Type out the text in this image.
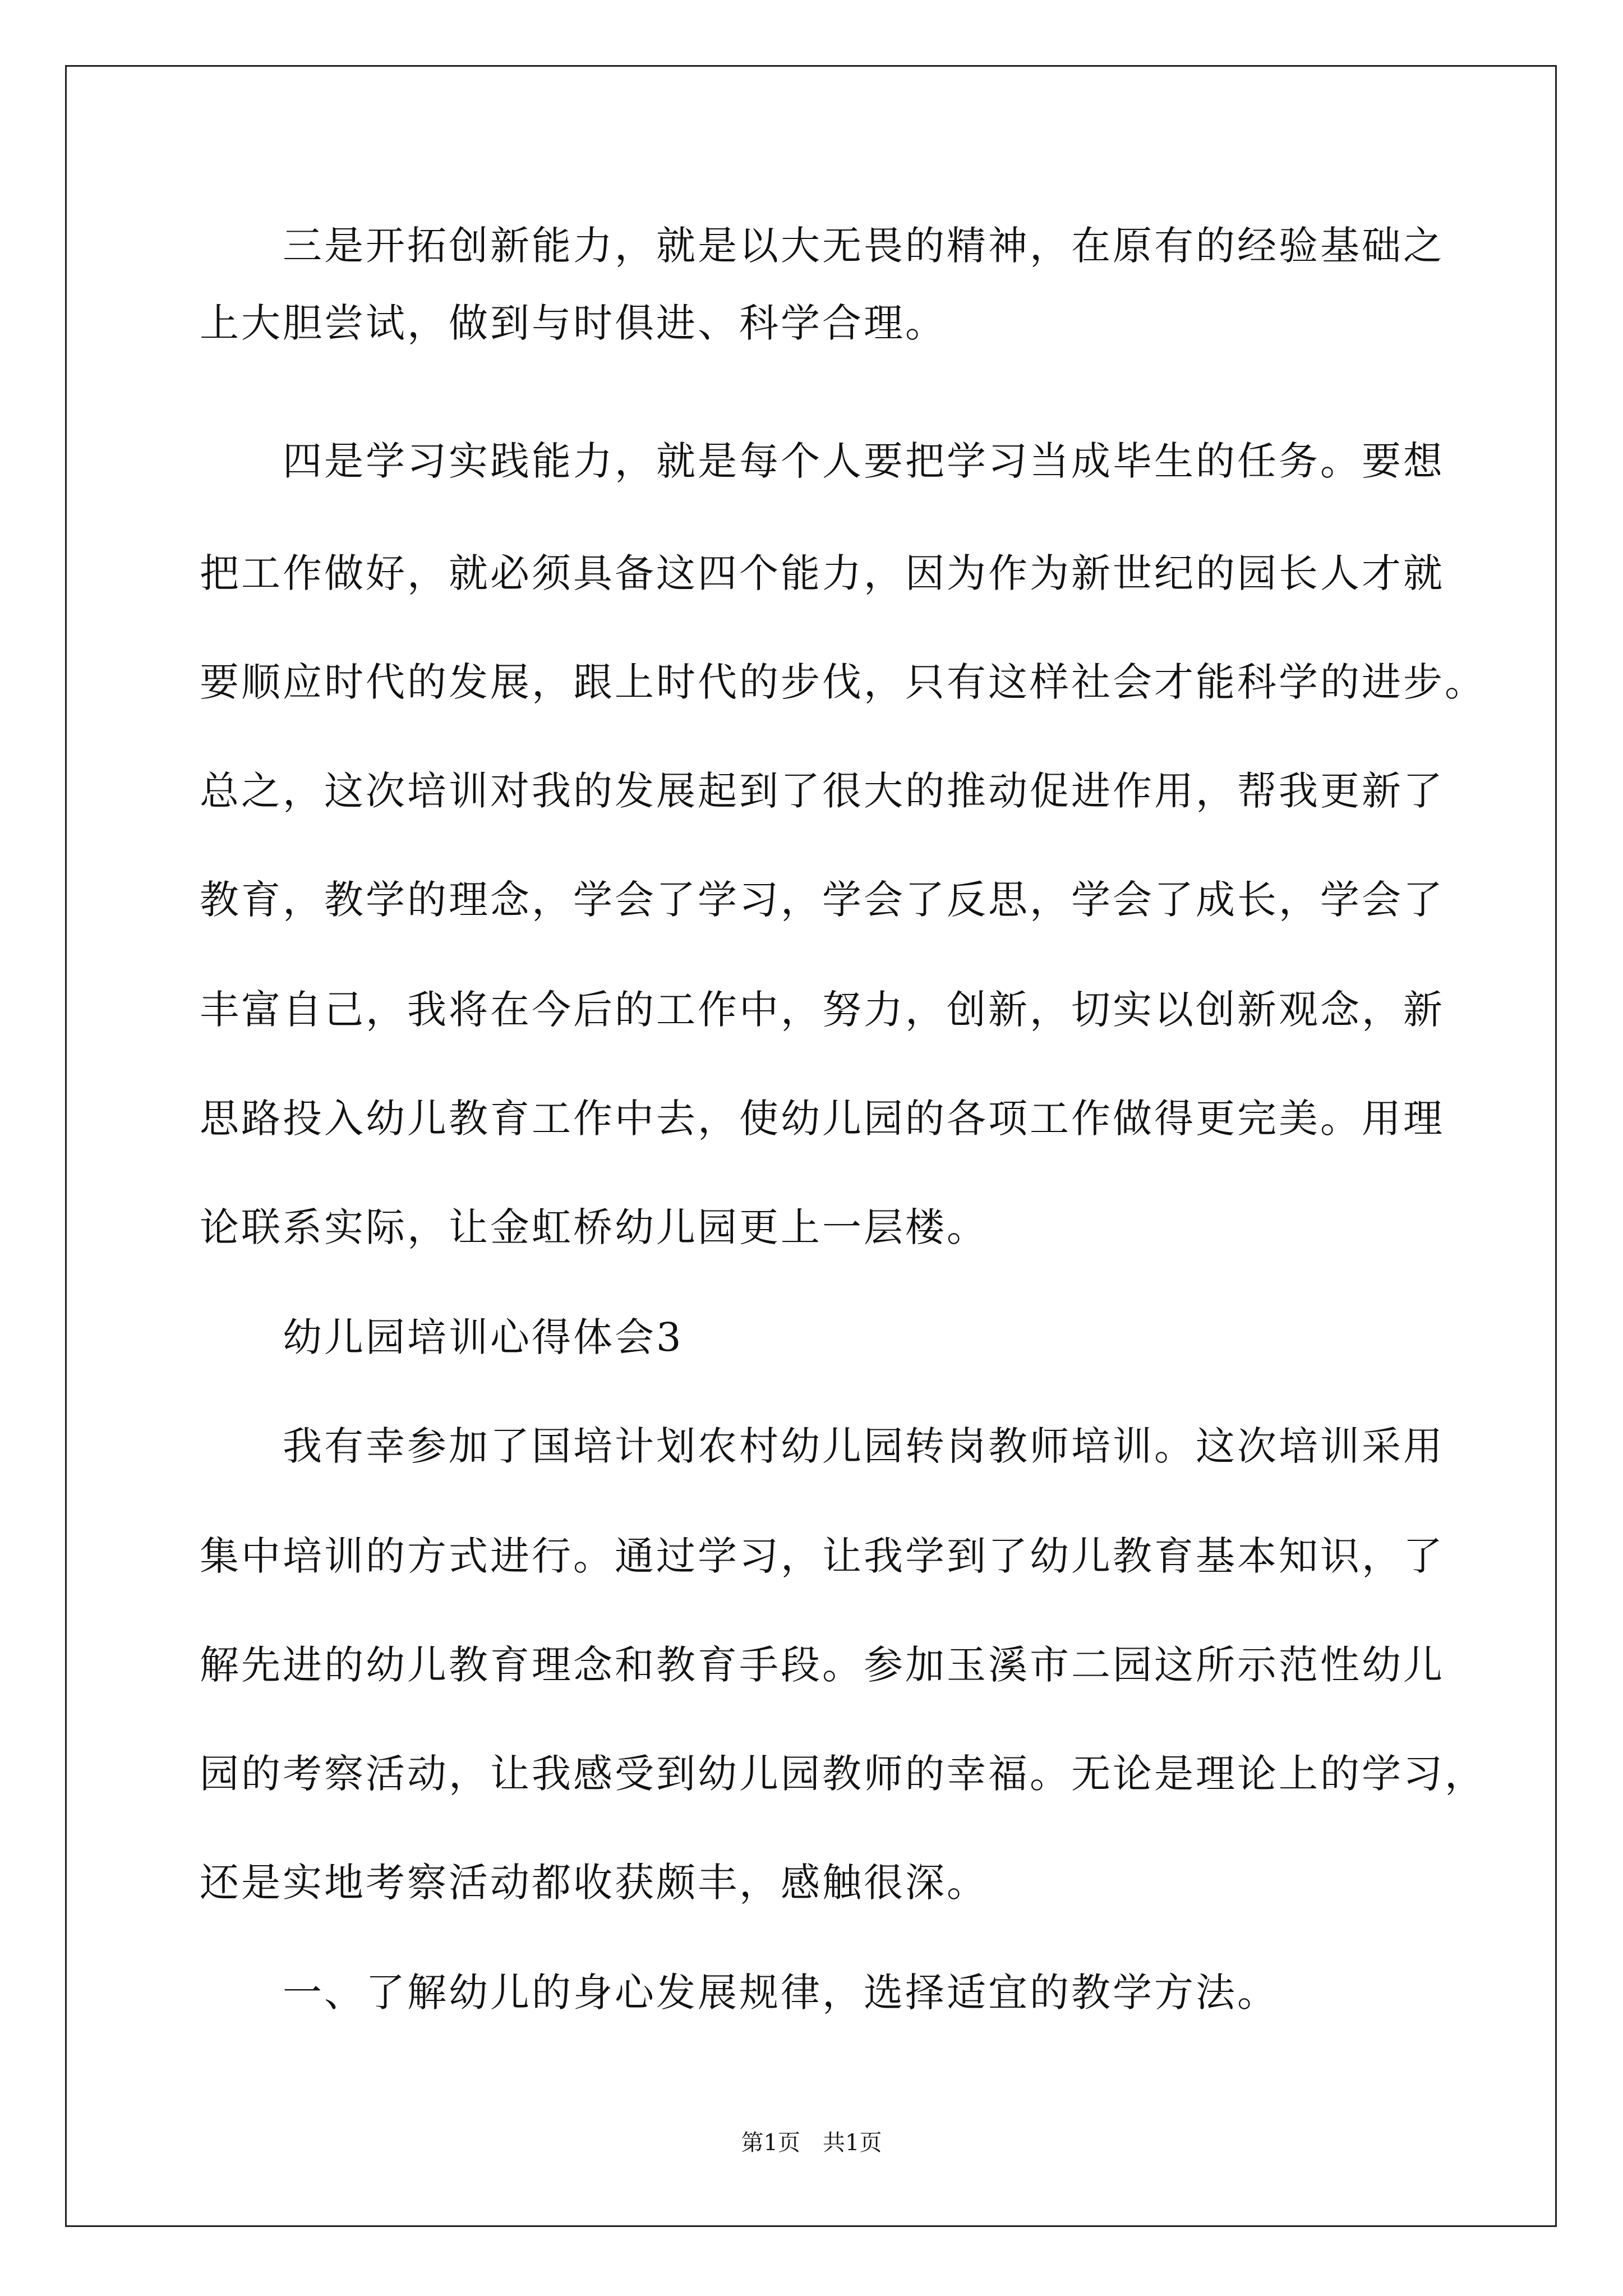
三是开拓创新能力，就是以大无畏的精神，在原有的经验基础之
上大胆尝试，做到与时俱进、科学合理。
四是学习实践能力，就是每个人要把学习当成毕生的任务。要想
把工作做好，就必须具备这四个能力，因为作为新世纪的园长人才就
要顺应时代的发展，跟上时代的步伐，只有这样社会才能科学的进步。
总之，这次培训对我的发展起到了很大的推动促进作用，帮我更新了
教育，教学的理念，学会了学习，学会了反思，学会了成长，学会了
丰富自己，我将在今后的工作中，努力，创新，切实以创新观念，新
思路投入幼儿教育工作中去，使幼儿园的各项工作做得更完美。用理
论联系实际，让金虹桥幼儿园更上一层楼。
幼儿园培训心得体会3
我有幸参加了国培计划农村幼儿园转岗教师培训。这次培训采用
集中培训的方式进行。通过学习，让我学到了幼儿教育基本知识，了
解先进的幼儿教育理念和教育手段。参加玉溪市二园这所示范性幼儿
园的考察活动，让我感受到幼儿园教师的幸福。无论是理论上的学习，
还是实地考察活动都收获颇丰，感触很深。
一、了解幼儿的身心发展规律，选择适宜的教学方法。
第1页 共1页
